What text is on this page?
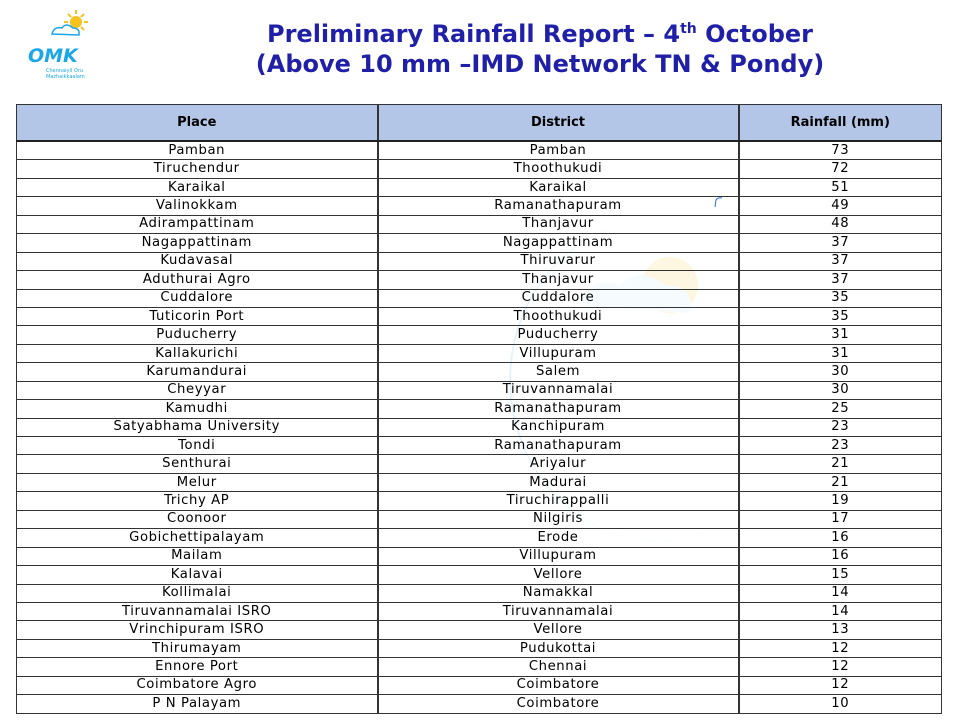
OMK
Chennaiyil Oru
Mazhaikkaalam
Preliminary Rainfall Report – 4th October
(Above 10 mm –IMD Network TN & Pondy)
Place	District	Rainfall (mm)
Pamban	Pamban	73
Tiruchendur	Thoothukudi	72
Karaikal	Karaikal	51
Valinokkam	Ramanathapuram	49
Adirampattinam	Thanjavur	48
Nagappattinam	Nagappattinam	37
Kudavasal	Thiruvarur	37
Aduthurai Agro	Thanjavur	37
Cuddalore	Cuddalore	35
Tuticorin Port	Thoothukudi	35
Puducherry	Puducherry	31
Kallakurichi	Villupuram	31
Karumandurai	Salem	30
Cheyyar	Tiruvannamalai	30
Kamudhi	Ramanathapuram	25
Satyabhama University	Kanchipuram	23
Tondi	Ramanathapuram	23
Senthurai	Ariyalur	21
Melur	Madurai	21
Trichy AP	Tiruchirappalli	19
Coonoor	Nilgiris	17
Gobichettipalayam	Erode	16
Mailam	Villupuram	16
Kalavai	Vellore	15
Kollimalai	Namakkal	14
Tiruvannamalai ISRO	Tiruvannamalai	14
Vrinchipuram ISRO	Vellore	13
Thirumayam	Pudukottai	12
Ennore Port	Chennai	12
Coimbatore Agro	Coimbatore	12
P N Palayam	Coimbatore	10
